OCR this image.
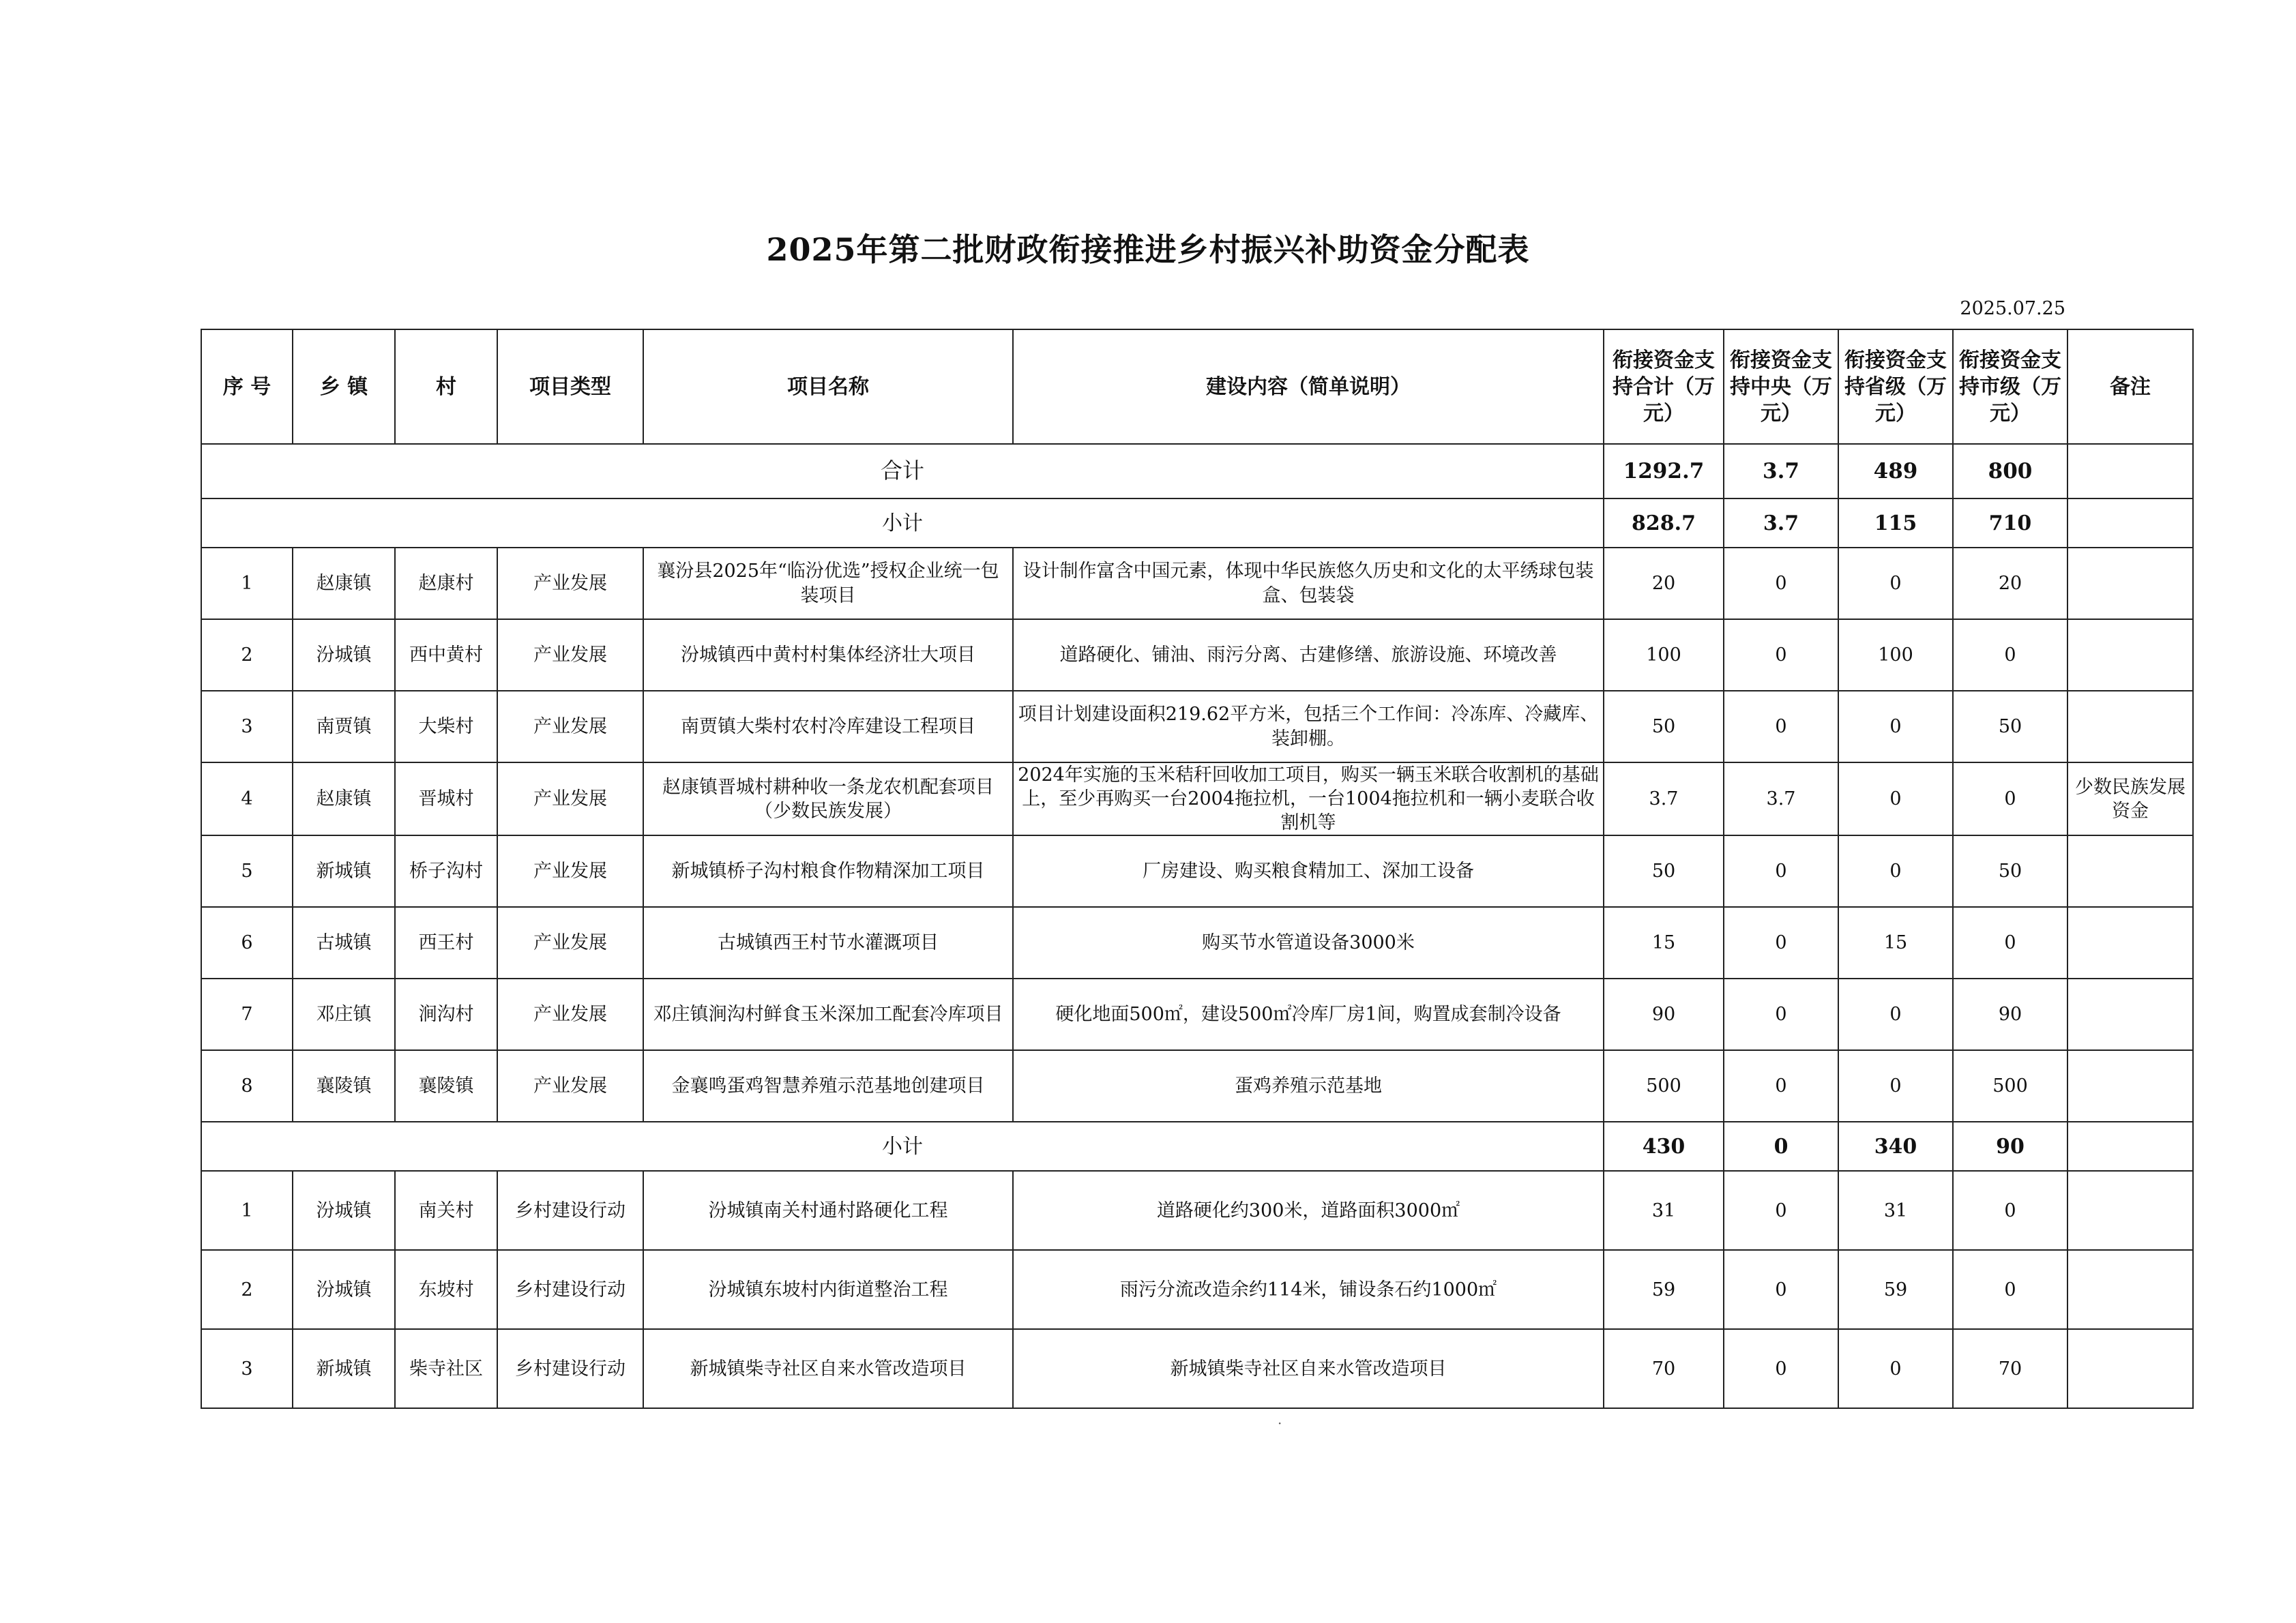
2025年第二批财政衔接推进乡村振兴补助资金分配表
2025.07.25
序 号	乡 镇	村	项目类型	项目名称	建设内容（简单说明）	衔接资金支持合计（万元）	衔接资金支持中央（万元）	衔接资金支持省级（万元）	衔接资金支持市级（万元）	备注
合计						1292.7	3.7	489	800	
小计						828.7	3.7	115	710	
1	赵康镇	赵康村	产业发展	襄汾县2025年“临汾优选”授权企业统一包装项目	设计制作富含中国元素，体现中华民族悠久历史和文化的太平绣球包装盒、包装袋	20	0	0	20	
2	汾城镇	西中黄村	产业发展	汾城镇西中黄村村集体经济壮大项目	道路硬化、铺油、雨污分离、古建修缮、旅游设施、环境改善	100	0	100	0	
3	南贾镇	大柴村	产业发展	南贾镇大柴村农村冷库建设工程项目	项目计划建设面积219.62平方米，包括三个工作间：冷冻库、冷藏库、装卸棚。	50	0	0	50	
4	赵康镇	晋城村	产业发展	赵康镇晋城村耕种收一条龙农机配套项目（少数民族发展）	2024年实施的玉米秸秆回收加工项目，购买一辆玉米联合收割机的基础上，至少再购买一台2004拖拉机，一台1004拖拉机和一辆小麦联合收割机等	3.7	3.7	0	0	少数民族发展资金
5	新城镇	桥子沟村	产业发展	新城镇桥子沟村粮食作物精深加工项目	厂房建设、购买粮食精加工、深加工设备	50	0	0	50	
6	古城镇	西王村	产业发展	古城镇西王村节水灌溉项目	购买节水管道设备3000米	15	0	15	0	
7	邓庄镇	涧沟村	产业发展	邓庄镇涧沟村鲜食玉米深加工配套冷库项目	硬化地面500㎡，建设500㎡冷库厂房1间，购置成套制冷设备	90	0	0	90	
8	襄陵镇	襄陵镇	产业发展	金襄鸣蛋鸡智慧养殖示范基地创建项目	蛋鸡养殖示范基地	500	0	0	500	
小计						430	0	340	90	
1	汾城镇	南关村	乡村建设行动	汾城镇南关村通村路硬化工程	道路硬化约300米，道路面积3000㎡	31	0	31	0	
2	汾城镇	东坡村	乡村建设行动	汾城镇东坡村内街道整治工程	雨污分流改造余约114米，铺设条石约1000㎡	59	0	59	0	
3	新城镇	柴寺社区	乡村建设行动	新城镇柴寺社区自来水管改造项目	新城镇柴寺社区自来水管改造项目	70	0	0	70	
·
